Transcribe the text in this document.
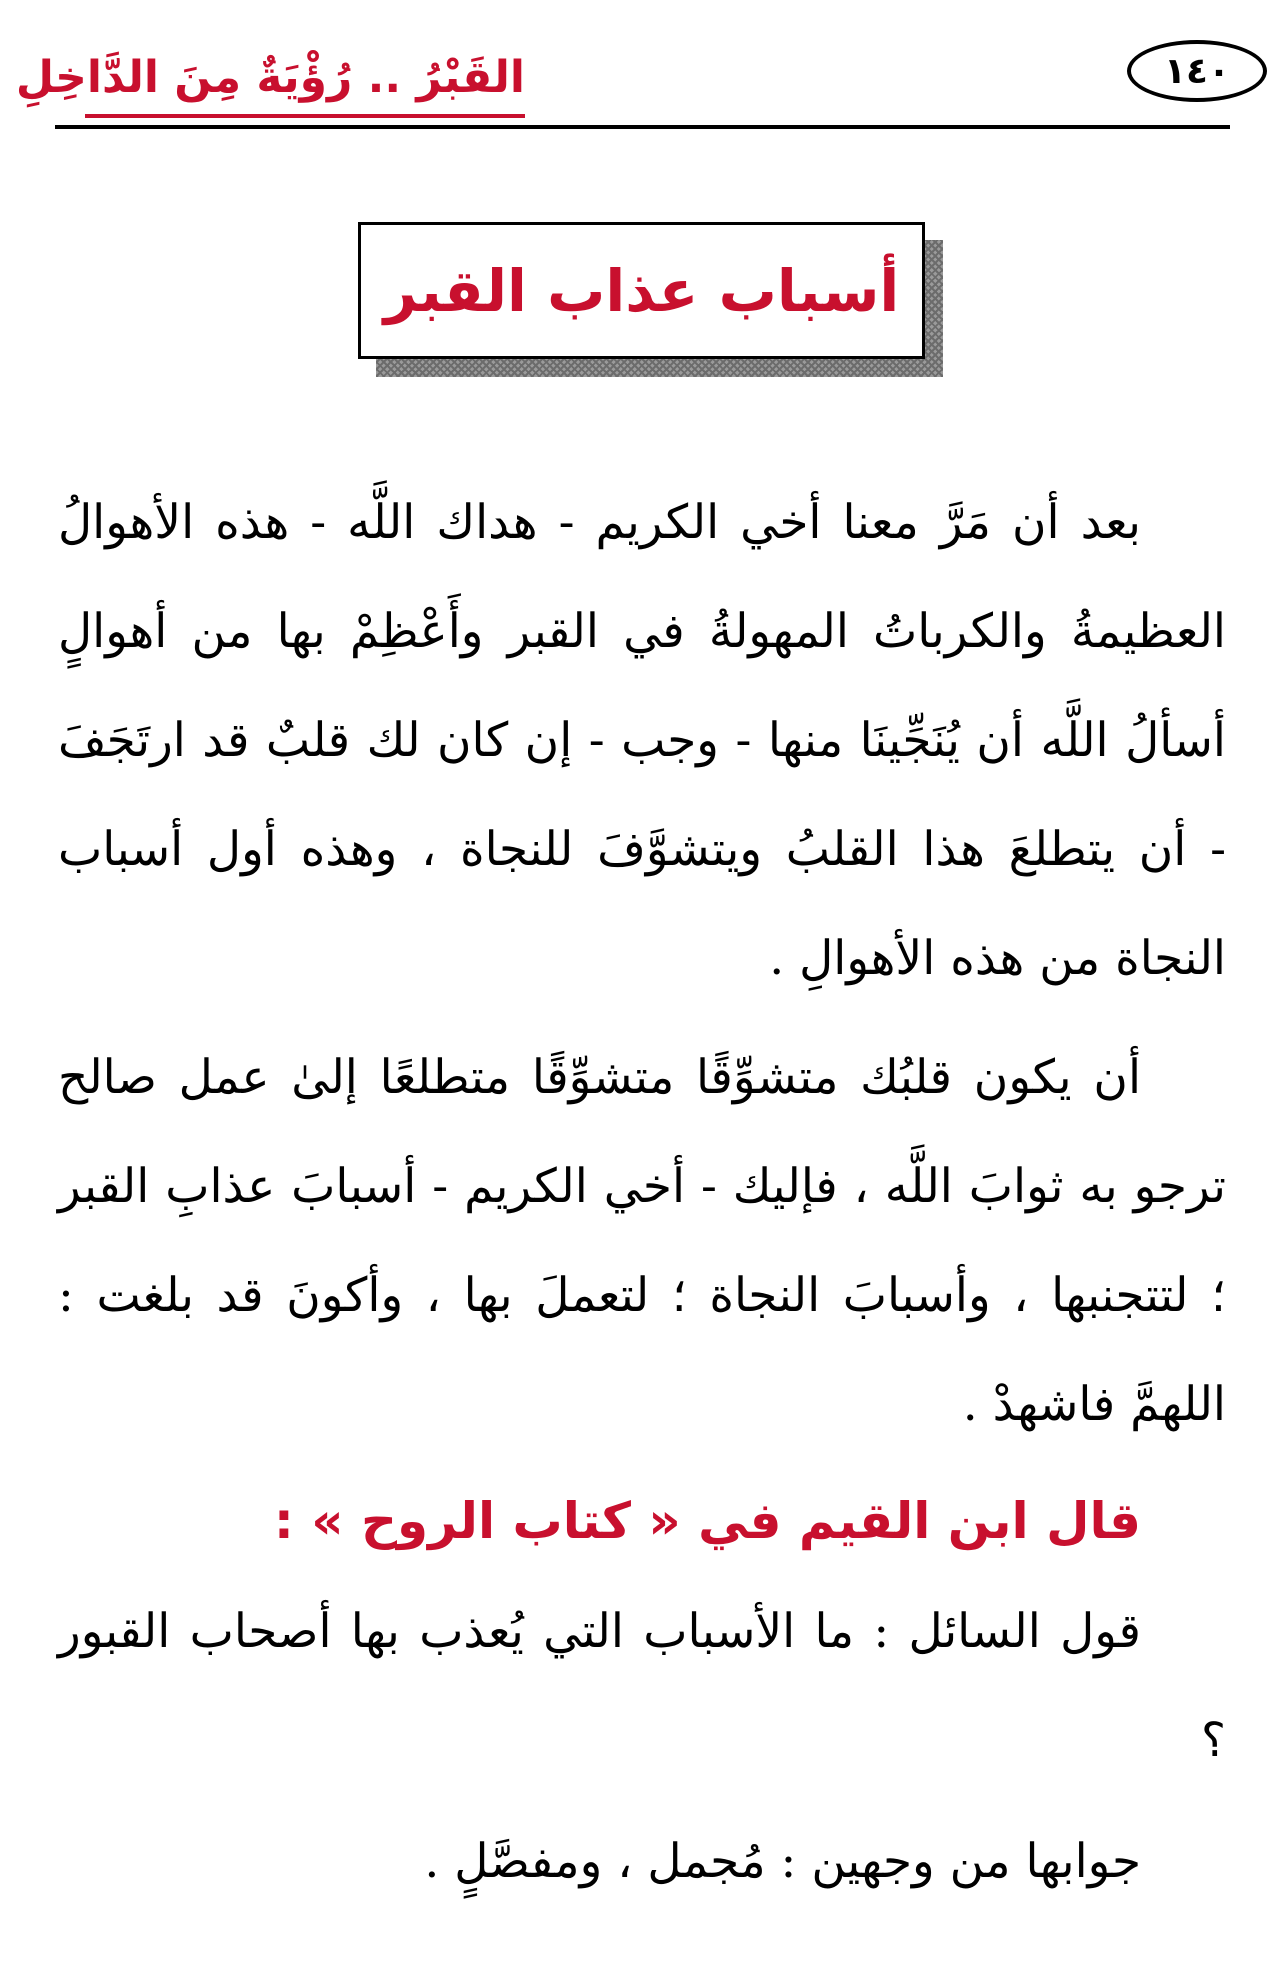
القَبْرُ .. رُؤْيَةٌ مِنَ الدَّاخِلِ	١٤٠
أسباب عذاب القبر

بعد أن مَرَّ معنا أخي الكريم - هداك اللَّه - هذه الأهوالُ العظيمةُ والكرباتُ المهولةُ في القبر وأَعْظِمْ بها من أهوالٍ أسألُ اللَّه أن يُنَجِّينَا منها - وجب - إن كان لك قلبٌ قد ارتَجَفَ - أن يتطلعَ هذا القلبُ ويتشوَّفَ للنجاة ، وهذه أول أسباب النجاة من هذه الأهوالِ .

أن يكون قلبُك متشوِّقًا متشوِّقًا متطلعًا إلىٰ عمل صالح ترجو به ثوابَ اللَّه ، فإليك - أخي الكريم - أسبابَ عذابِ القبر ؛ لتتجنبها ، وأسبابَ النجاة ؛ لتعملَ بها ، وأكونَ قد بلغت : اللهمَّ فاشهدْ .

قال ابن القيم في « كتاب الروح » :

قول السائل : ما الأسباب التي يُعذب بها أصحاب القبور ؟

جوابها من وجهين : مُجمل ، ومفصَّلٍ .
